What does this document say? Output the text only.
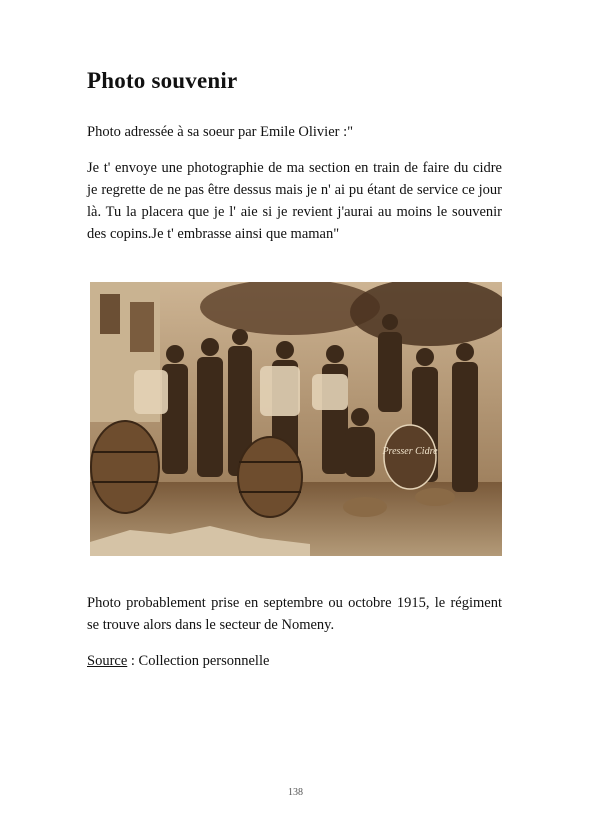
Photo souvenir

Photo adressée à sa soeur par Emile Olivier :"

Je t' envoye une photographie de ma section en train de faire du cidre je regrette de ne pas être dessus mais je n' ai pu étant de service ce jour là. Tu la placera que je l' aie si je revient j'aurai au moins le souvenir des copins.Je t' embrasse ainsi que maman"

Presser Cidre

Photo probablement prise en septembre ou octobre 1915, le régiment se trouve alors dans le secteur de Nomeny.

Source : Collection personnelle

138
